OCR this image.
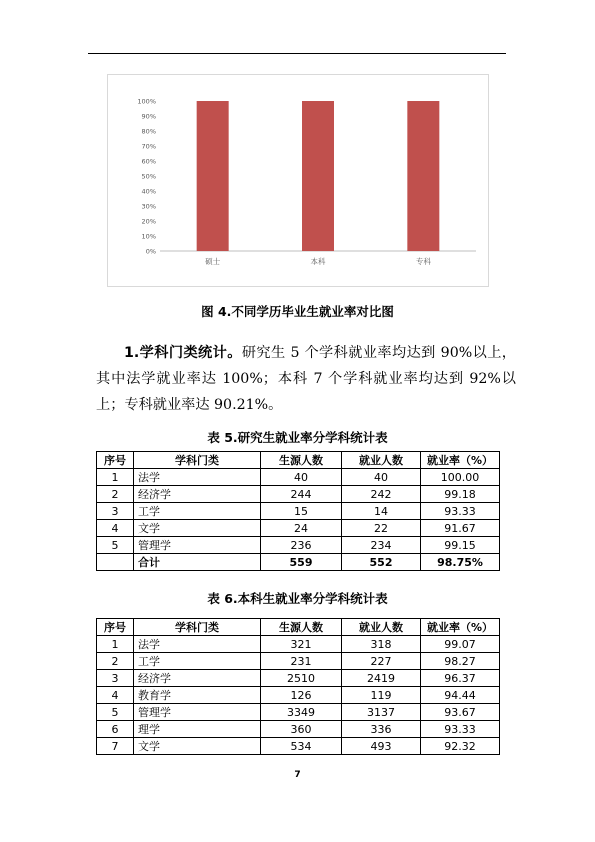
0%
10%
20%
30%
40%
50%
60%
70%
80%
90%
100%
硕士	本科	专科
图 4.不同学历毕业生就业率对比图

1.学科门类统计。研究生 5 个学科就业率均达到 90%以上，其中法学就业率达 100%；本科 7 个学科就业率均达到 92%以上；专科就业率达 90.21%。

表 5.研究生就业率分学科统计表
序号	学科门类	生源人数	就业人数	就业率（%）
1	法学	40	40	100.00
2	经济学	244	242	99.18
3	工学	15	14	93.33
4	文学	24	22	91.67
5	管理学	236	234	99.15
	合计	559	552	98.75%
表 6.本科生就业率分学科统计表
序号	学科门类	生源人数	就业人数	就业率（%）
1	法学	321	318	99.07
2	工学	231	227	98.27
3	经济学	2510	2419	96.37
4	教育学	126	119	94.44
5	管理学	3349	3137	93.67
6	理学	360	336	93.33
7	文学	534	493	92.32
7
